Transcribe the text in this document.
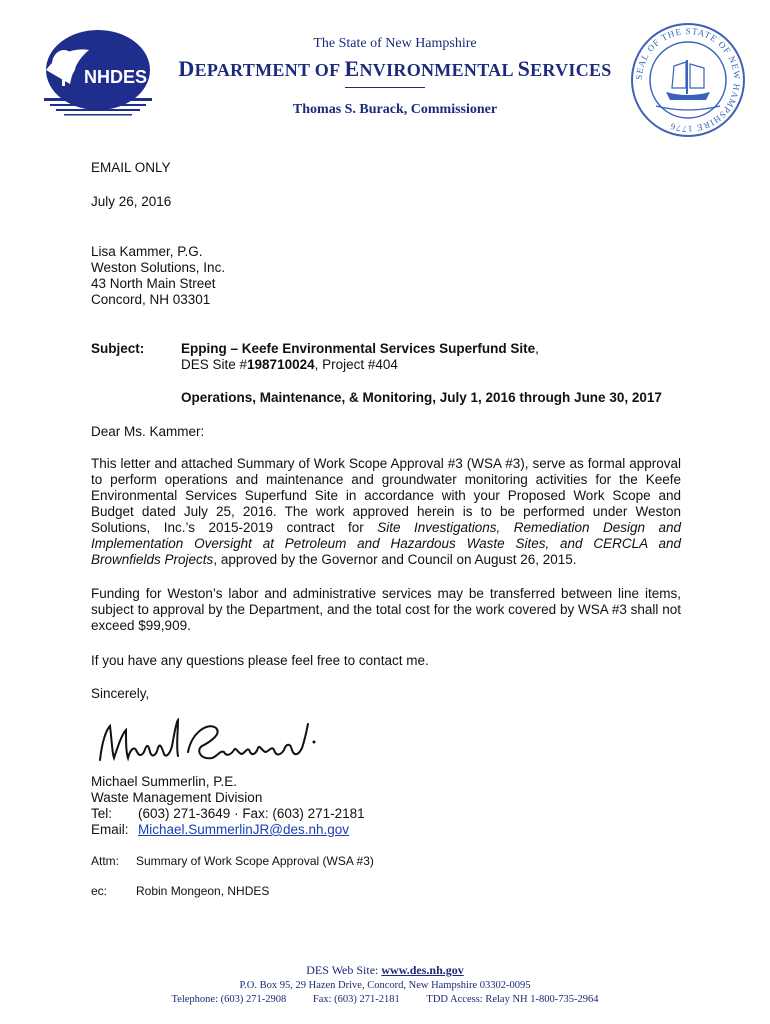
NHDES
The State of New Hampshire
DEPARTMENT OF ENVIRONMENTAL SERVICES
Thomas S. Burack, Commissioner
SEAL OF THE STATE OF NEW HAMPSHIRE 1776
EMAIL ONLY
July 26, 2016
Lisa Kammer, P.G.
Weston Solutions, Inc.
43 North Main Street
Concord, NH 03301
Subject:	Epping – Keefe Environmental Services Superfund Site,
DES Site #198710024, Project #404
Operations, Maintenance, & Monitoring, July 1, 2016 through June 30, 2017
Dear Ms. Kammer:
This letter and attached Summary of Work Scope Approval #3 (WSA #3), serve as formal approval to perform operations and maintenance and groundwater monitoring activities for the Keefe Environmental Services Superfund Site in accordance with your Proposed Work Scope and Budget dated July 25, 2016. The work approved herein is to be performed under Weston Solutions, Inc.’s 2015-2019 contract for Site Investigations, Remediation Design and Implementation Oversight at Petroleum and Hazardous Waste Sites, and CERCLA and Brownfields Projects, approved by the Governor and Council on August 26, 2015.
Funding for Weston’s labor and administrative services may be transferred between line items, subject to approval by the Department, and the total cost for the work covered by WSA #3 shall not exceed $99,909.
If you have any questions please feel free to contact me.
Sincerely,
Michael Summerlin, P.E.
Waste Management Division
Tel: (603) 271-3649 · Fax: (603) 271-2181
Email: Michael.SummerlinJR@des.nh.gov
Attm: Summary of Work Scope Approval (WSA #3)
ec: Robin Mongeon, NHDES
DES Web Site: www.des.nh.gov
P.O. Box 95, 29 Hazen Drive, Concord, New Hampshire 03302-0095
Telephone: (603) 271-2908	Fax: (603) 271-2181	TDD Access: Relay NH 1-800-735-2964
